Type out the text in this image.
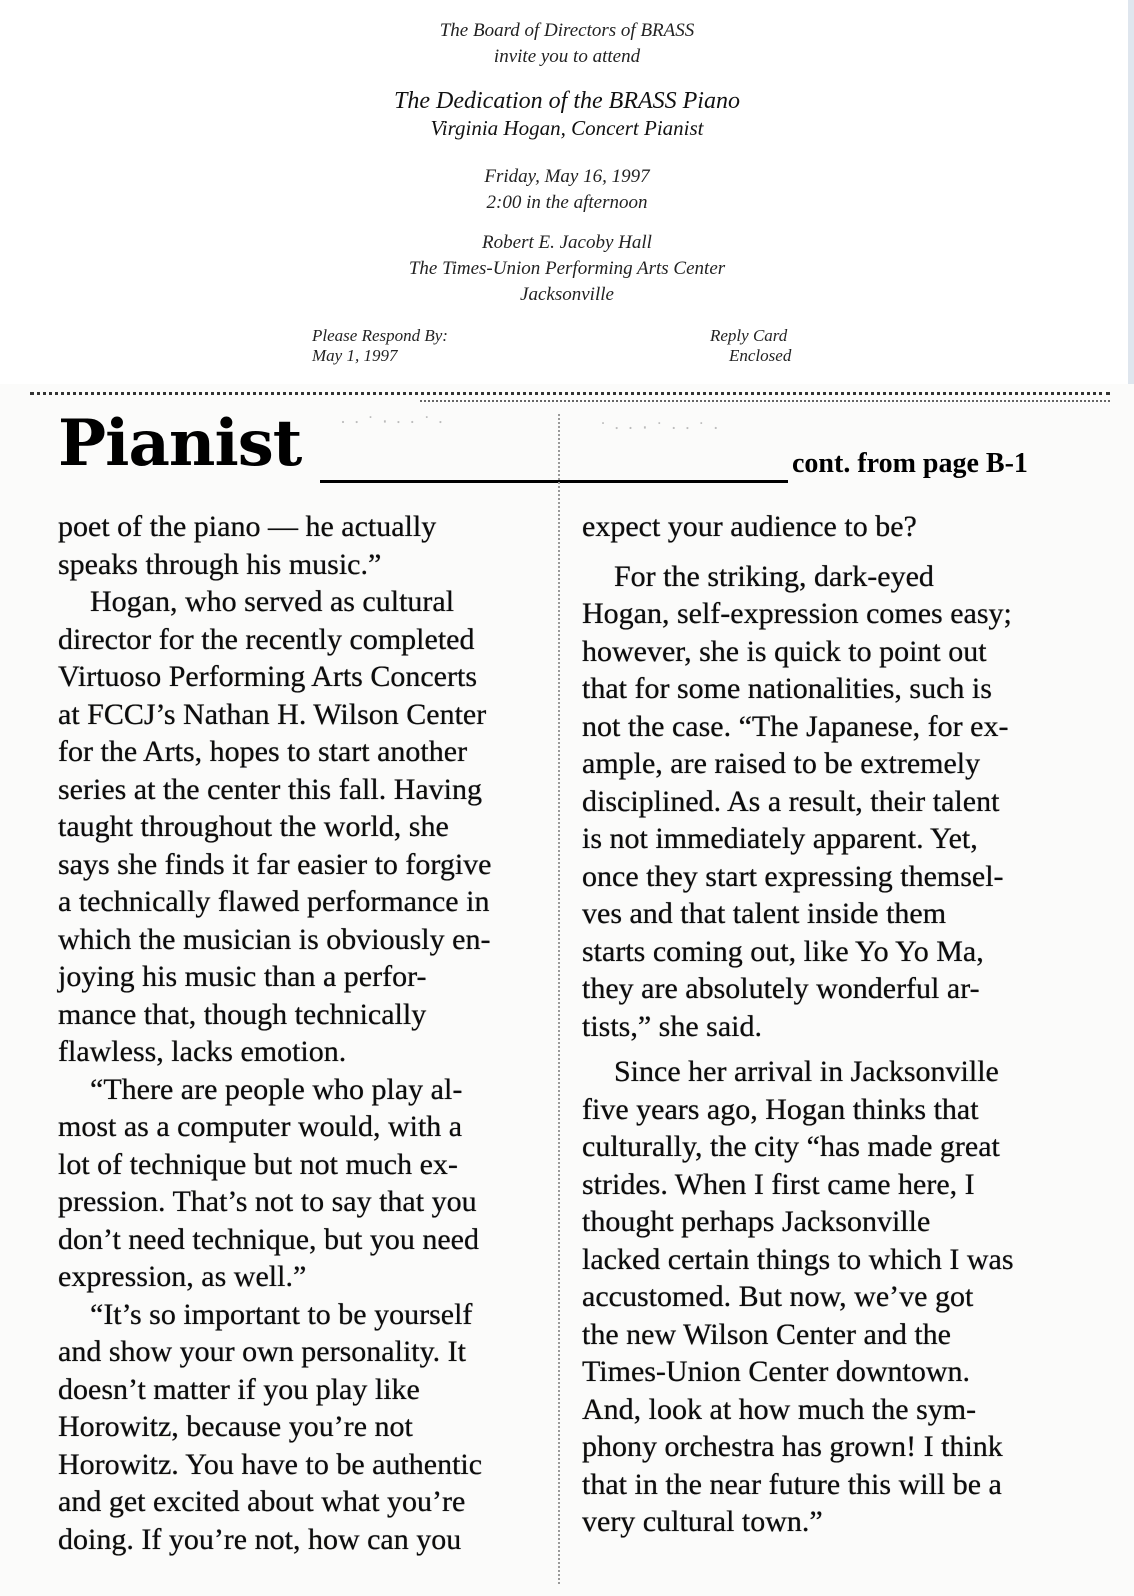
The Board of Directors of BRASS
invite you to attend
The Dedication of the BRASS Piano
Virginia Hogan, Concert Pianist
Friday, May 16, 1997
2:00 in the afternoon
Robert E. Jacoby Hall
The Times-Union Performing Arts Center
Jacksonville
Please Respond By:
May 1, 1997
Reply Card
Enclosed
· ∙ ˙ ‧ ∙ · ˙ ∙	˙ ∙ · ‧ ˙ · ∙ ˙ ·
Pianist	cont. from page B-1
poet of the piano — he actually
speaks through his music.”
Hogan, who served as cultural
director for the recently completed
Virtuoso Performing Arts Concerts
at FCCJ’s Nathan H. Wilson Center
for the Arts, hopes to start another
series at the center this fall. Having
taught throughout the world, she
says she finds it far easier to forgive
a technically flawed performance in
which the musician is obviously en-
joying his music than a perfor-
mance that, though technically
flawless, lacks emotion.
“There are people who play al-
most as a computer would, with a
lot of technique but not much ex-
pression. That’s not to say that you
don’t need technique, but you need
expression, as well.”
“It’s so important to be yourself
and show your own personality. It
doesn’t matter if you play like
Horowitz, because you’re not
Horowitz. You have to be authentic
and get excited about what you’re
doing. If you’re not, how can you
expect your audience to be?
For the striking, dark-eyed
Hogan, self-expression comes easy;
however, she is quick to point out
that for some nationalities, such is
not the case. “The Japanese, for ex-
ample, are raised to be extremely
disciplined. As a result, their talent
is not immediately apparent. Yet,
once they start expressing themsel-
ves and that talent inside them
starts coming out, like Yo Yo Ma,
they are absolutely wonderful ar-
tists,” she said.
Since her arrival in Jacksonville
five years ago, Hogan thinks that
culturally, the city “has made great
strides. When I first came here, I
thought perhaps Jacksonville
lacked certain things to which I was
accustomed. But now, we’ve got
the new Wilson Center and the
Times-Union Center downtown.
And, look at how much the sym-
phony orchestra has grown! I think
that in the near future this will be a
very cultural town.”
